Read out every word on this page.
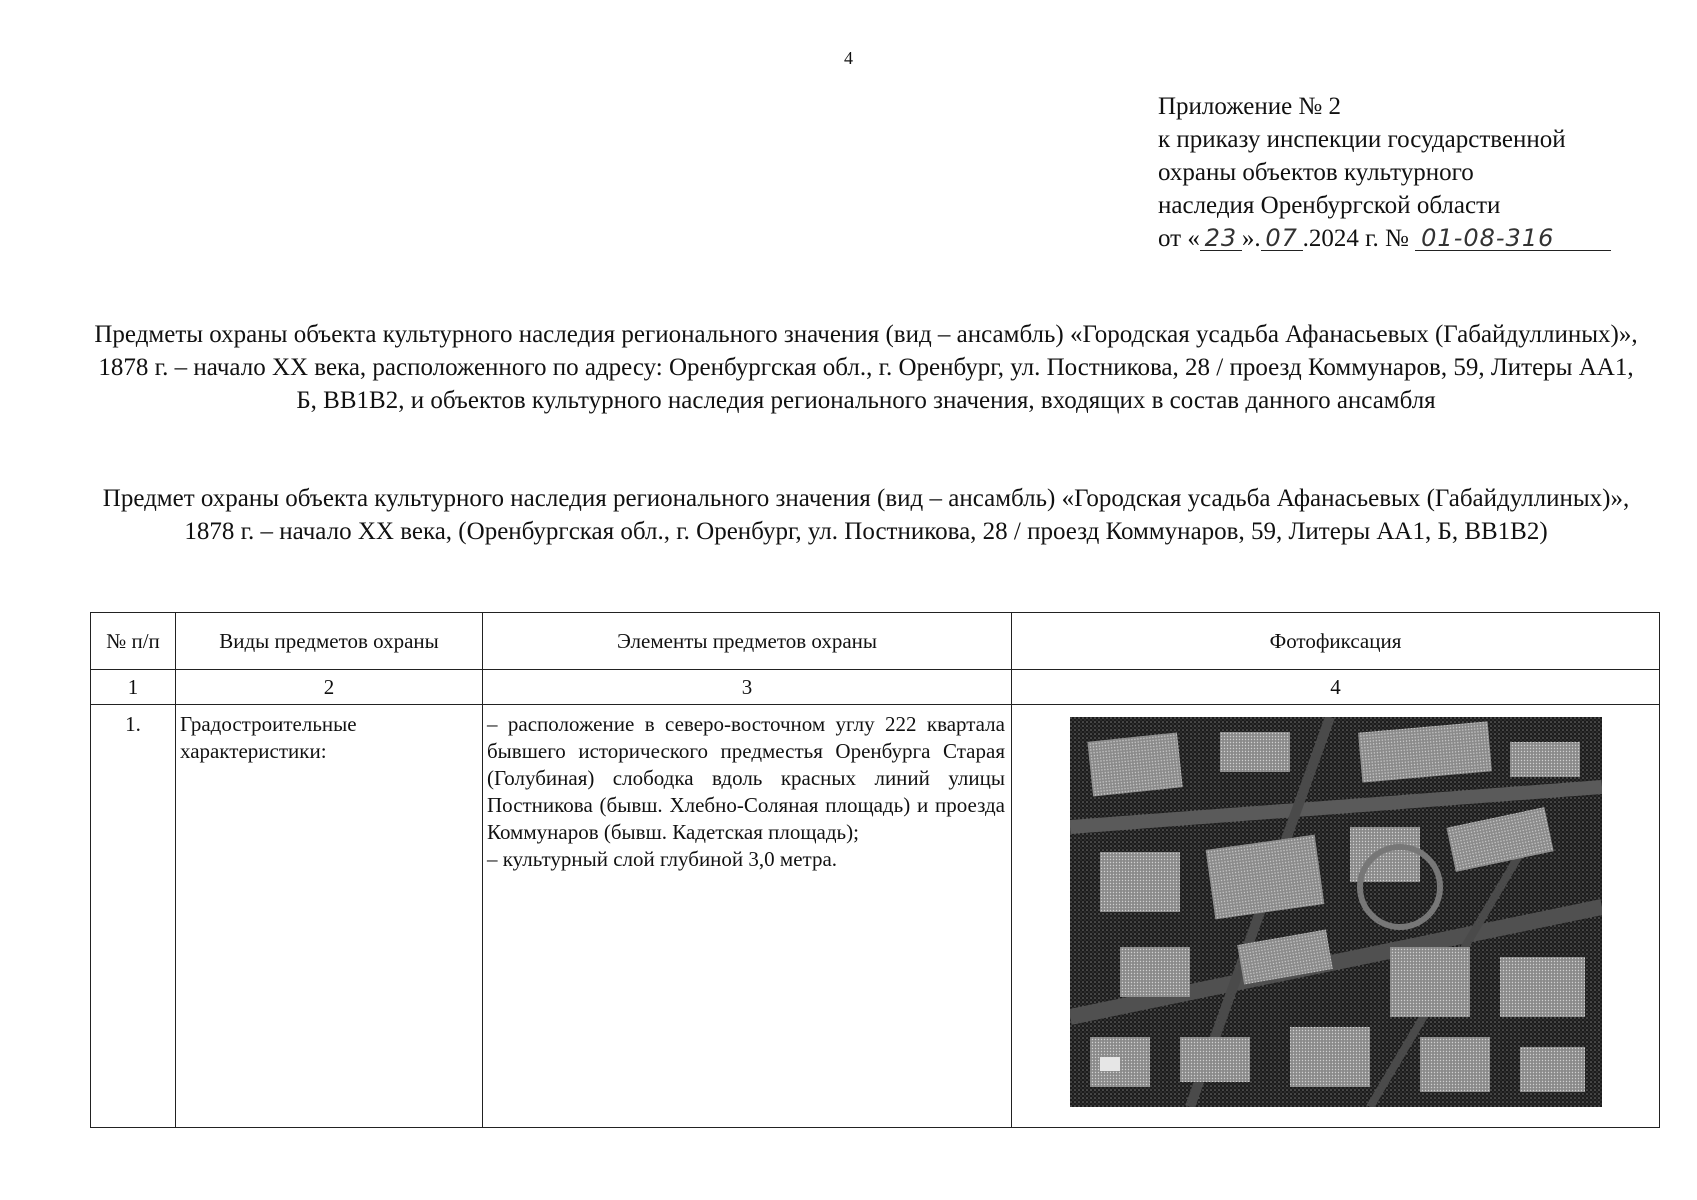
4
Приложение № 2
к приказу инспекции государственной
охраны объектов культурного
наследия Оренбургской области
от « 23 ». 07 .2024 г. № 01-08-316
Предметы охраны объекта культурного наследия регионального значения (вид – ансамбль) «Городская усадьба Афанасьевых (Габайдуллиных)», 1878 г. – начало XX века, расположенного по адресу: Оренбургская обл., г. Оренбург, ул. Постникова, 28 / проезд Коммунаров, 59, Литеры АА1, Б, ВВ1В2, и объектов культурного наследия регионального значения, входящих в состав данного ансамбля
Предмет охраны объекта культурного наследия регионального значения (вид – ансамбль) «Городская усадьба Афанасьевых (Габайдуллиных)», 1878 г. – начало XX века, (Оренбургская обл., г. Оренбург, ул. Постникова, 28 / проезд Коммунаров, 59, Литеры АА1, Б, ВВ1В2)
№ п/п	Виды предметов охраны	Элементы предметов охраны	Фотофиксация
1	2	3	4
1.	Градостроительные характеристики:	– расположение в северо-восточном углу 222 квартала бывшего исторического предместья Оренбурга Старая (Голубиная) слободка вдоль красных линий улицы Постникова (бывш. Хлебно-Соляная площадь) и проезда Коммунаров (бывш. Кадетская площадь);
– культурный слой глубиной 3,0 метра.
